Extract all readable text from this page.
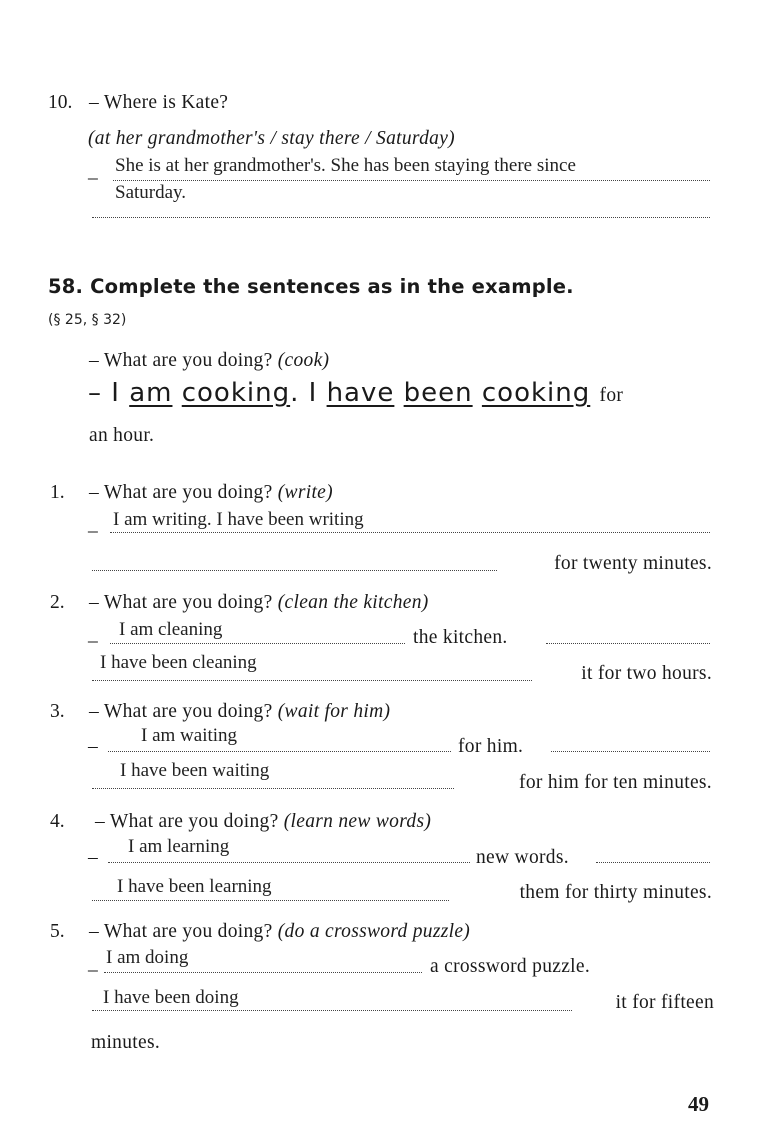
10. – Where is Kate?
(at her grandmother's / stay there / Saturday)
_ She is at her grandmother's. She has been staying there since
Saturday.
58. Complete the sentences as in the example.
(§ 25, § 32)
– What are you doing? (cook)
– I am cooking. I have been cooking for
an hour.
1. – What are you doing? (write)
_ I am writing. I have been writing
for twenty minutes.
2. – What are you doing? (clean the kitchen)
_ I am cleaning	the kitchen.
I have been cleaning
it for two hours.
3. – What are you doing? (wait for him)
–
I am waiting
for him.
I have been waiting
for him for ten minutes.
4. – What are you doing? (learn new words)
–
I am learning
new words.
I have been learning	them for thirty minutes.
5. – What are you doing? (do a crossword puzzle)
_ I am doing	a crossword puzzle.
I have been doing	it for fifteen
minutes.
49
